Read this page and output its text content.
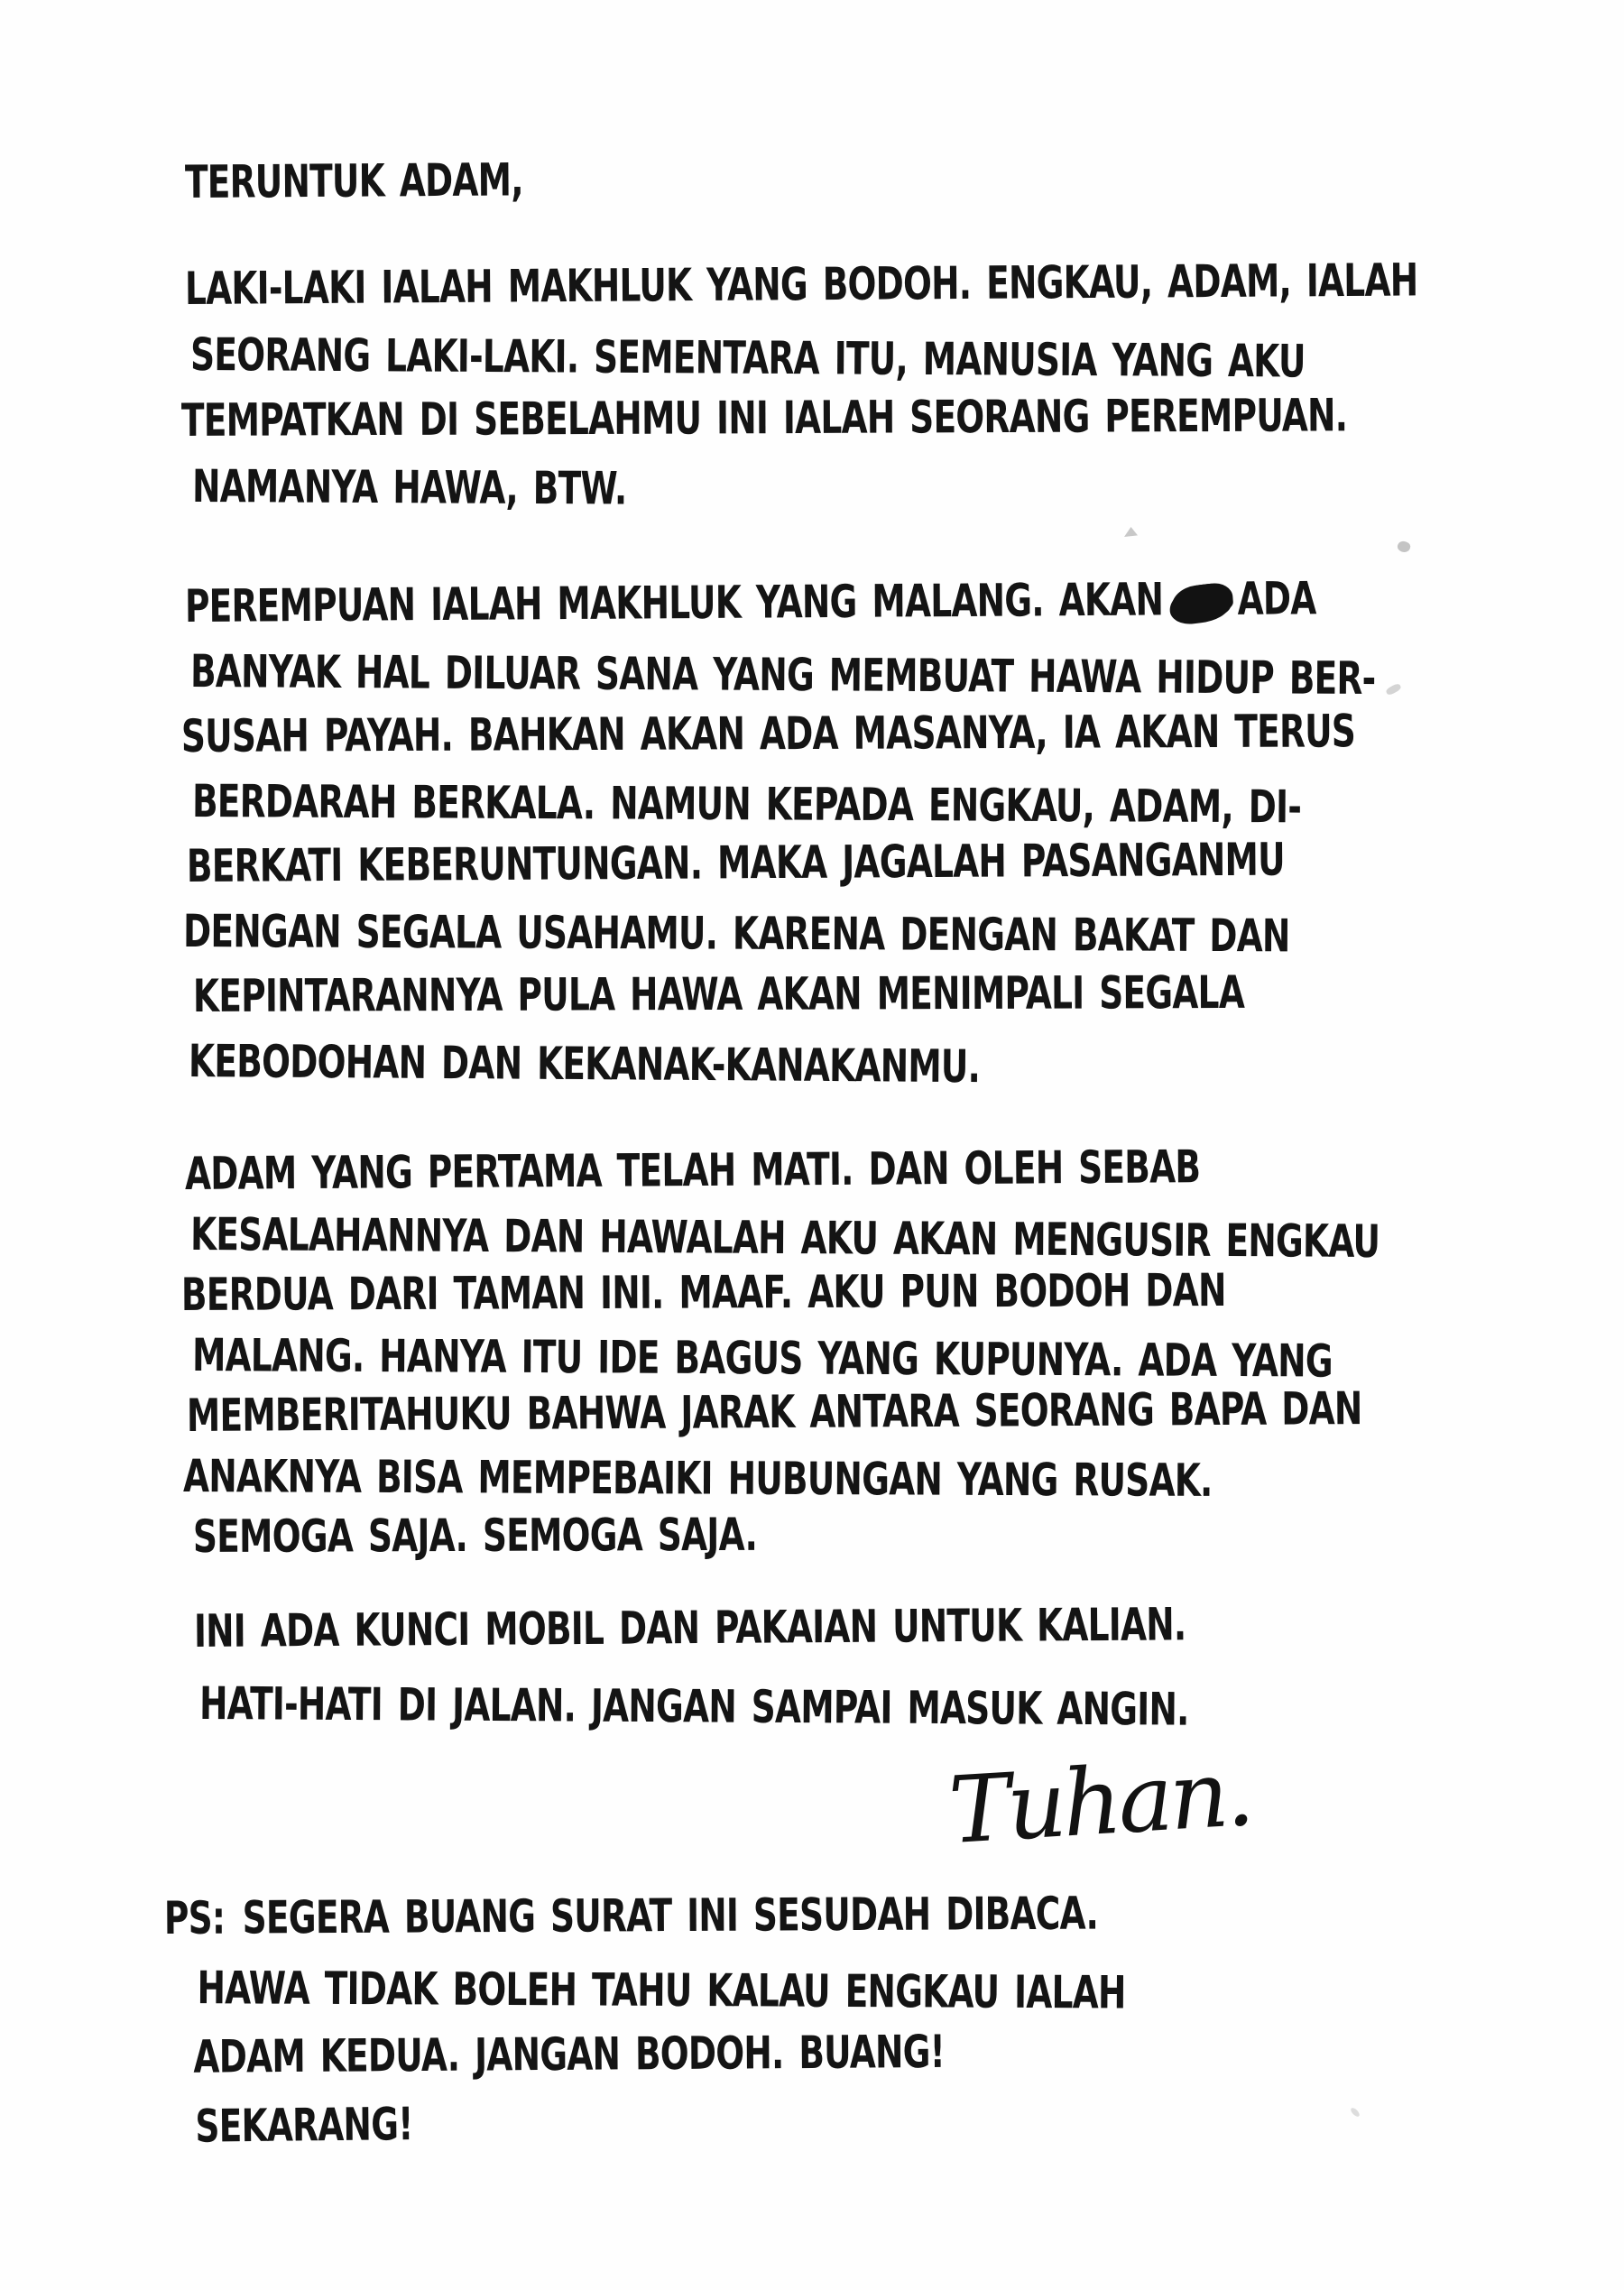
TERUNTUK ADAM,
LAKI-LAKI IALAH MAKHLUK YANG BODOH. ENGKAU, ADAM, IALAH
SEORANG LAKI-LAKI. SEMENTARA ITU, MANUSIA YANG AKU
TEMPATKAN DI SEBELAHMU INI IALAH SEORANG PEREMPUAN.
NAMANYA HAWA, BTW.
PEREMPUAN IALAH MAKHLUK YANG MALANG. AKAN ADA
BANYAK HAL DILUAR SANA YANG MEMBUAT HAWA HIDUP BER-
SUSAH PAYAH. BAHKAN AKAN ADA MASANYA, IA AKAN TERUS
BERDARAH BERKALA. NAMUN KEPADA ENGKAU, ADAM, DI-
BERKATI KEBERUNTUNGAN. MAKA JAGALAH PASANGANMU
DENGAN SEGALA USAHAMU. KARENA DENGAN BAKAT DAN
KEPINTARANNYA PULA HAWA AKAN MENIMPALI SEGALA
KEBODOHAN DAN KEKANAK-KANAKANMU.
ADAM YANG PERTAMA TELAH MATI. DAN OLEH SEBAB
KESALAHANNYA DAN HAWALAH AKU AKAN MENGUSIR ENGKAU
BERDUA DARI TAMAN INI. MAAF. AKU PUN BODOH DAN
MALANG. HANYA ITU IDE BAGUS YANG KUPUNYA. ADA YANG
MEMBERITAHUKU BAHWA JARAK ANTARA SEORANG BAPA DAN
ANAKNYA BISA MEMPEBAIKI HUBUNGAN YANG RUSAK.
SEMOGA SAJA. SEMOGA SAJA.
INI ADA KUNCI MOBIL DAN PAKAIAN UNTUK KALIAN.
HATI-HATI DI JALAN. JANGAN SAMPAI MASUK ANGIN.
Tuhan.
PS: SEGERA BUANG SURAT INI SESUDAH DIBACA.
HAWA TIDAK BOLEH TAHU KALAU ENGKAU IALAH
ADAM KEDUA. JANGAN BODOH. BUANG!
SEKARANG!
